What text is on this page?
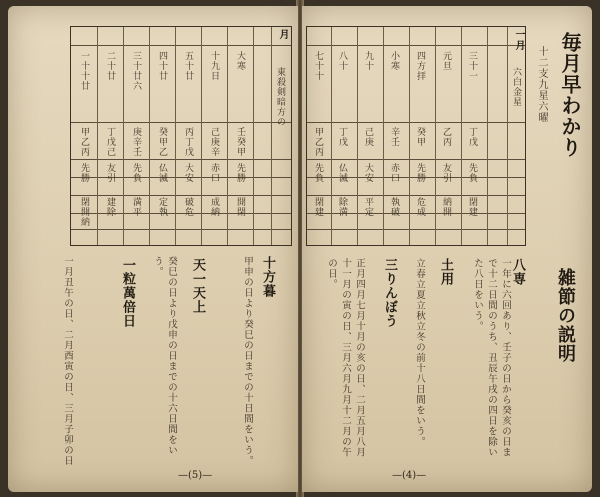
一十十廿 二十廿 三十廿六 四十廿 五十廿 十九日 大寒
甲乙丙 丁戊己 庚辛壬 癸甲乙 丙丁戊 己庚辛 壬癸甲
先勝 友引 先負 仏滅 大安 赤口 先勝
閉開納 建除 満平 定執 破危 成納 開閉
月
東殺剣暗方の
十方暮
甲申の日より癸巳の日までの十日間をいう。
天一天上
癸巳の日より戊申の日までの十六日間をいう。
一粒萬倍日
一月丑午の日、二月酉寅の日、三月子卯の日
—(5)—
七十十 八十 九十 小寒 四方拝 元旦 三十一
甲乙丙 丁戊 己庚 辛壬 癸甲 乙丙 丁戊
先負 仏滅 大安 赤口 先勝 友引 先負
閉建 除満 平定 執破 危成 納開 閉建
一月
六白金星 毎月早わかり
十二支九星六曜
雑節の説明
八専
一年に六回あり、壬子の日から癸亥の日まで十二日間のうち、丑辰午戌の四日を除いた八日をいう。
土用
立春立夏立秋立冬の前十八日間をいう。
三りんぼう
正月四月七月十月の亥の日、二月五月八月十一月の寅の日、三月六月九月十二月の午の日。
—(4)—
